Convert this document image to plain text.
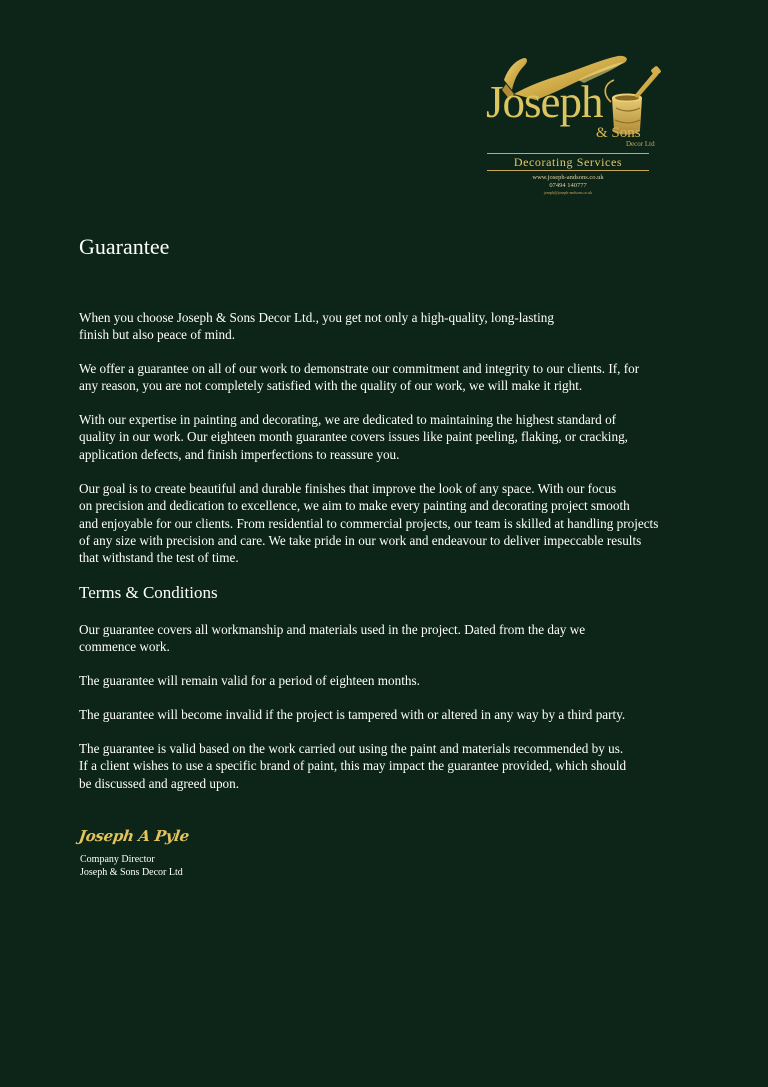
Joseph
& Sons
Decor Ltd
Decorating Services
www.joseph-andsons.co.uk
07494 140777
joseph@joseph-andsons.co.uk
Guarantee

When you choose Joseph & Sons Decor Ltd., you get not only a high-quality, long-lasting
finish but also peace of mind.

We offer a guarantee on all of our work to demonstrate our commitment and integrity to our clients. If, for
any reason, you are not completely satisfied with the quality of our work, we will make it right.

With our expertise in painting and decorating, we are dedicated to maintaining the highest standard of
quality in our work. Our eighteen month guarantee covers issues like paint peeling, flaking, or cracking,
application defects, and finish imperfections to reassure you.

Our goal is to create beautiful and durable finishes that improve the look of any space. With our focus
on precision and dedication to excellence, we aim to make every painting and decorating project smooth
and enjoyable for our clients. From residential to commercial projects, our team is skilled at handling projects
of any size with precision and care. We take pride in our work and endeavour to deliver impeccable results
that withstand the test of time.

Terms & Conditions

Our guarantee covers all workmanship and materials used in the project. Dated from the day we
commence work.

The guarantee will remain valid for a period of eighteen months.

The guarantee will become invalid if the project is tampered with or altered in any way by a third party.

The guarantee is valid based on the work carried out using the paint and materials recommended by us.
If a client wishes to use a specific brand of paint, this may impact the guarantee provided, which should
be discussed and agreed upon.

Joseph A Pyle
Company Director
Joseph & Sons Decor Ltd
